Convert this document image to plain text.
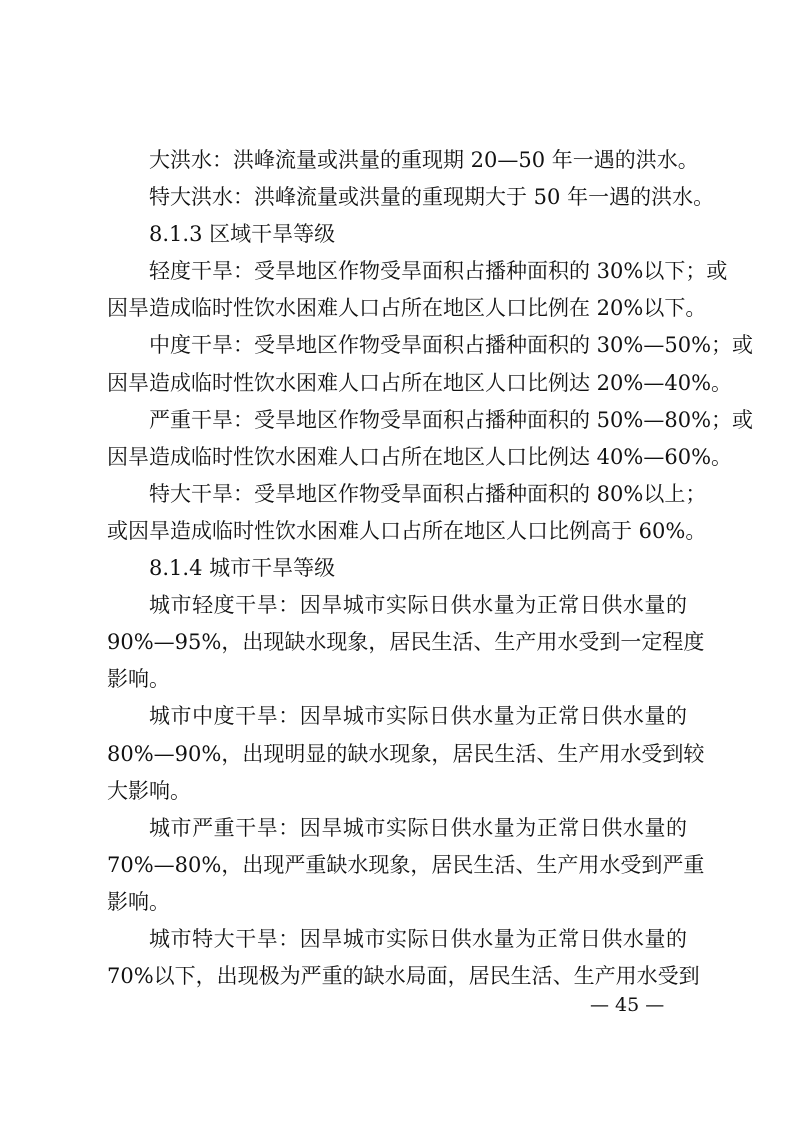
大洪水：洪峰流量或洪量的重现期 20—50 年一遇的洪水。
特大洪水：洪峰流量或洪量的重现期大于 50 年一遇的洪水。
8.1.3 区域干旱等级
轻度干旱：受旱地区作物受旱面积占播种面积的 30%以下；或
因旱造成临时性饮水困难人口占所在地区人口比例在 20%以下。
中度干旱：受旱地区作物受旱面积占播种面积的 30%—50%；或
因旱造成临时性饮水困难人口占所在地区人口比例达 20%—40%。
严重干旱：受旱地区作物受旱面积占播种面积的 50%—80%；或
因旱造成临时性饮水困难人口占所在地区人口比例达 40%—60%。
特大干旱：受旱地区作物受旱面积占播种面积的 80%以上；
或因旱造成临时性饮水困难人口占所在地区人口比例高于 60%。
8.1.4 城市干旱等级
城市轻度干旱：因旱城市实际日供水量为正常日供水量的
90%—95%，出现缺水现象，居民生活、生产用水受到一定程度
影响。
城市中度干旱：因旱城市实际日供水量为正常日供水量的
80%—90%，出现明显的缺水现象，居民生活、生产用水受到较
大影响。
城市严重干旱：因旱城市实际日供水量为正常日供水量的
70%—80%，出现严重缺水现象，居民生活、生产用水受到严重
影响。
城市特大干旱：因旱城市实际日供水量为正常日供水量的
70%以下，出现极为严重的缺水局面，居民生活、生产用水受到
— 45 —
